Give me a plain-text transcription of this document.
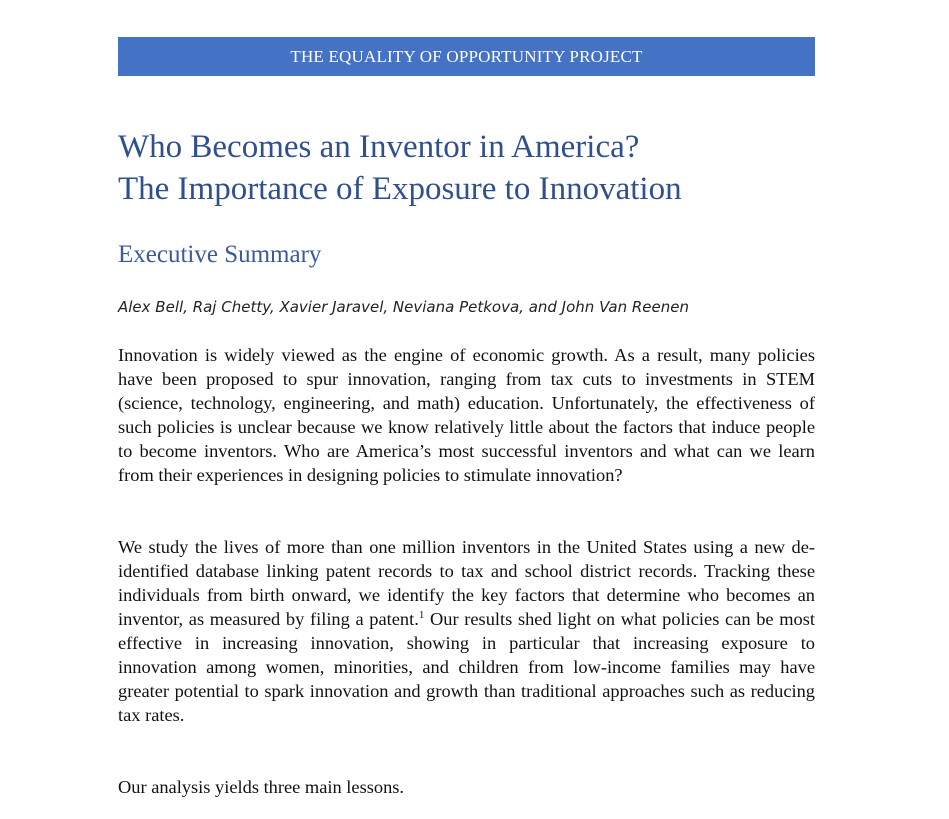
THE EQUALITY OF OPPORTUNITY PROJECT
Who Becomes an Inventor in America?
The Importance of Exposure to Innovation
Executive Summary
Alex Bell, Raj Chetty, Xavier Jaravel, Neviana Petkova, and John Van Reenen

Innovation is widely viewed as the engine of economic growth. As a result, many policies have been proposed to spur innovation, ranging from tax cuts to investments in STEM (science, technology, engineering, and math) education. Unfortunately, the effectiveness of such policies is unclear because we know relatively little about the factors that induce people to become inventors. Who are America’s most successful inventors and what can we learn from their experiences in designing policies to stimulate innovation?

We study the lives of more than one million inventors in the United States using a new de-identified database linking patent records to tax and school district records. Tracking these individuals from birth onward, we identify the key factors that determine who becomes an inventor, as measured by filing a patent.$^1$ Our results shed light on what policies can be most effective in increasing innovation, showing in particular that increasing exposure to innovation among women, minorities, and children from low-income families may have greater potential to spark innovation and growth than traditional approaches such as reducing tax rates.

Our analysis yields three main lessons.
